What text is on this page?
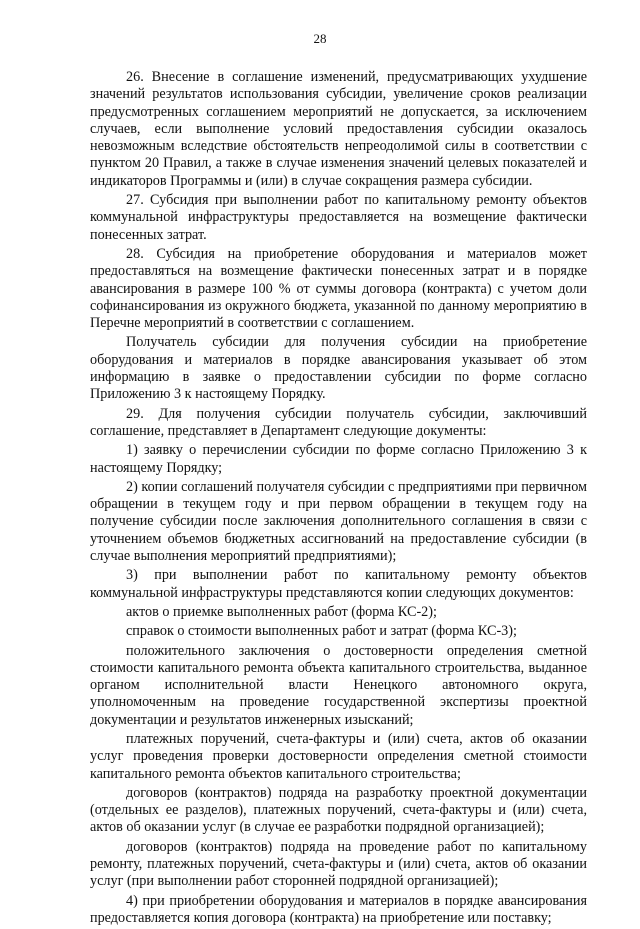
28

26. Внесение в соглашение изменений, предусматривающих ухудшение значений результатов использования субсидии, увеличение сроков реализации предусмотренных соглашением мероприятий не допускается, за исключением случаев, если выполнение условий предоставления субсидии оказалось невозможным вследствие обстоятельств непреодолимой силы в соответствии с пунктом 20 Правил, а также в случае изменения значений целевых показателей и индикаторов Программы и (или) в случае сокращения размера субсидии.

27. Субсидия при выполнении работ по капитальному ремонту объектов коммунальной инфраструктуры предоставляется на возмещение фактически понесенных затрат.

28. Субсидия на приобретение оборудования и материалов может предоставляться на возмещение фактически понесенных затрат и в порядке авансирования в размере 100 % от суммы договора (контракта) с учетом доли софинансирования из окружного бюджета, указанной по данному мероприятию в Перечне мероприятий в соответствии с соглашением.

Получатель субсидии для получения субсидии на приобретение оборудования и материалов в порядке авансирования указывает об этом информацию в заявке о предоставлении субсидии по форме согласно Приложению 3 к настоящему Порядку.

29. Для получения субсидии получатель субсидии, заключивший соглашение, представляет в Департамент следующие документы:

1) заявку о перечислении субсидии по форме согласно Приложению 3 к настоящему Порядку;

2) копии соглашений получателя субсидии с предприятиями при первичном обращении в текущем году и при первом обращении в текущем году на получение субсидии после заключения дополнительного соглашения в связи с уточнением объемов бюджетных ассигнований на предоставление субсидии (в случае выполнения мероприятий предприятиями);

3) при выполнении работ по капитальному ремонту объектов коммунальной инфраструктуры представляются копии следующих документов:

актов о приемке выполненных работ (форма КС-2);

справок о стоимости выполненных работ и затрат (форма КС-3);

положительного заключения о достоверности определения сметной стоимости капитального ремонта объекта капитального строительства, выданное органом исполнительной власти Ненецкого автономного округа, уполномоченным на проведение государственной экспертизы проектной документации и результатов инженерных изысканий;

платежных поручений, счета-фактуры и (или) счета, актов об оказании услуг проведения проверки достоверности определения сметной стоимости капитального ремонта объектов капитального строительства;

договоров (контрактов) подряда на разработку проектной документации (отдельных ее разделов), платежных поручений, счета-фактуры и (или) счета, актов об оказании услуг (в случае ее разработки подрядной организацией);

договоров (контрактов) подряда на проведение работ по капитальному ремонту, платежных поручений, счета-фактуры и (или) счета, актов об оказании услуг (при выполнении работ сторонней подрядной организацией);

4) при приобретении оборудования и материалов в порядке авансирования предоставляется копия договора (контракта) на приобретение или поставку;
